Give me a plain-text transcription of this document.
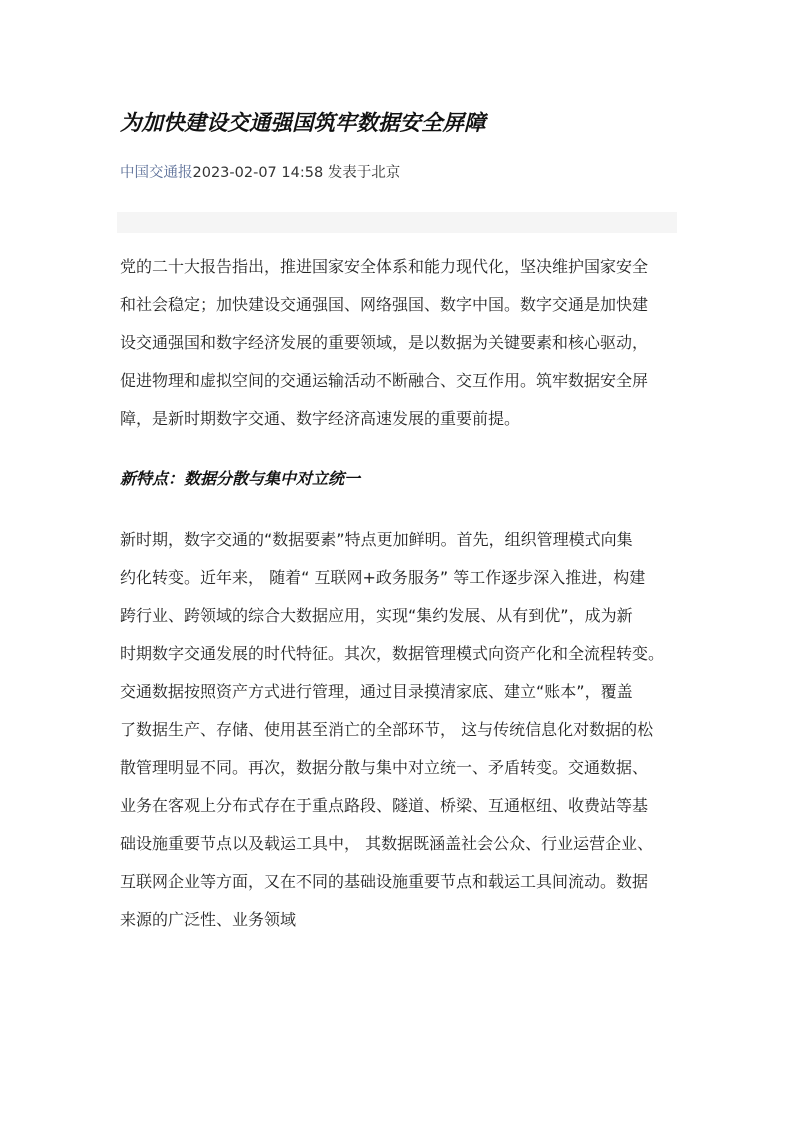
为加快建设交通强国筑牢数据安全屏障
中国交通报2023-02-07 14:58 发表于北京
党的二十大报告指出，推进国家安全体系和能力现代化，坚决维护国家安全
和社会稳定；加快建设交通强国、网络强国、数字中国。数字交通是加快建
设交通强国和数字经济发展的重要领域，是以数据为关键要素和核心驱动，
促进物理和虚拟空间的交通运输活动不断融合、交互作用。筑牢数据安全屏
障，是新时期数字交通、数字经济高速发展的重要前提。
新特点：数据分散与集中对立统一
新时期，数字交通的“数据要素”特点更加鲜明。首先，组织管理模式向集
约化转变。近年来， 随着“ 互联网+政务服务” 等工作逐步深入推进，构建
跨行业、跨领域的综合大数据应用，实现“集约发展、从有到优”，成为新
时期数字交通发展的时代特征。其次，数据管理模式向资产化和全流程转变。
交通数据按照资产方式进行管理，通过目录摸清家底、建立“账本”，覆盖
了数据生产、存储、使用甚至消亡的全部环节， 这与传统信息化对数据的松
散管理明显不同。再次，数据分散与集中对立统一、矛盾转变。交通数据、
业务在客观上分布式存在于重点路段、隧道、桥梁、互通枢纽、收费站等基
础设施重要节点以及载运工具中， 其数据既涵盖社会公众、行业运营企业、
互联网企业等方面，又在不同的基础设施重要节点和载运工具间流动。数据
来源的广泛性、业务领域
